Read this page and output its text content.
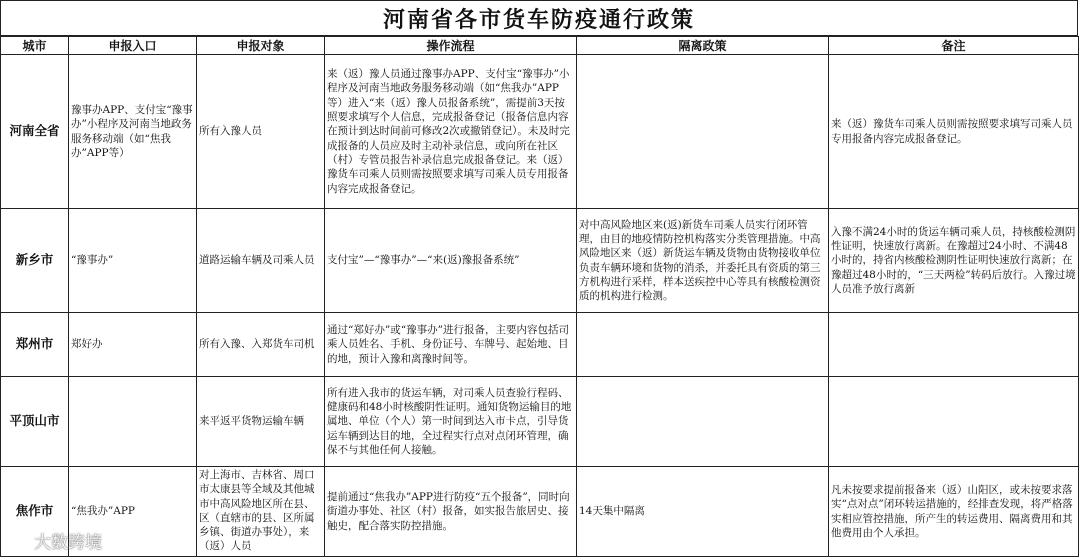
河南省各市货车防疫通行政策
城市	申报入口	申报对象	操作流程	隔离政策	备注
河南全省	豫事办APP、支付宝“豫事办”小程序及河南当地政务服务移动端（如“焦我办”APP等）	所有入豫人员	来（返）豫人员通过豫事办APP、支付宝“豫事办”小程序及河南当地政务服务移动端（如“焦我办”APP等）进入“来（返）豫人员报备系统”，需提前3天按照要求填写个人信息，完成报备登记（报备信息内容在预计到达时间前可修改2次或撤销登记）。未及时完成报备的人员应及时主动补录信息，或向所在社区（村）专管员报告补录信息完成报备登记。来（返）豫货车司乘人员则需按照要求填写司乘人员专用报备内容完成报备登记。		来（返）豫货车司乘人员则需按照要求填写司乘人员专用报备内容完成报备登记。
新乡市	“豫事办”	道路运输车辆及司乘人员	支付宝”—“豫事办”—“来(返)豫报备系统”	对中高风险地区来(返)新货车司乘人员实行闭环管理，由目的地疫情防控机构落实分类管理措施。中高风险地区来（返）新货运车辆及货物由货物接收单位负责车辆环境和货物的消杀，并委托具有资质的第三方机构进行采样，样本送疾控中心等具有核酸检测资质的机构进行检测。	入豫不满24小时的货运车辆司乘人员，持核酸检测阴性证明，快速放行离新。在豫超过24小时、不满48小时的，持省内核酸检测阴性证明快速放行离新；在豫超过48小时的，“三天两检”转码后放行。入豫过境人员准予放行离新
郑州市	郑好办	所有入豫、入郑货车司机	通过“郑好办”或“豫事办”进行报备，主要内容包括司乘人员姓名、手机、身份证号、车牌号、起始地、目的地，预计入豫和离豫时间等。		
平顶山市		来平返平货物运输车辆	所有进入我市的货运车辆，对司乘人员查验行程码、健康码和48小时核酸阴性证明。通知货物运输目的地属地、单位（个人）第一时间到达入市卡点，引导货运车辆到达目的地，全过程实行点对点闭环管理，确保不与其他任何人接触。		
焦作市	“焦我办”APP	对上海市、吉林省、周口市太康县等全域及其他城市中高风险地区所在县、区（直辖市的县、区所属乡镇、街道办事处），来（返）人员	提前通过“焦我办”APP进行防疫“五个报备”，同时向街道办事处、社区（村）报备，如实报告旅居史、接触史，配合落实防控措施。	14天集中隔离	凡未按要求提前报备来（返）山阳区，或未按要求落实“点对点”闭环转运措施的，经排查发现，将严格落实相应管控措施，所产生的转运费用、隔离费用和其他费用由个人承担。
大数跨境
